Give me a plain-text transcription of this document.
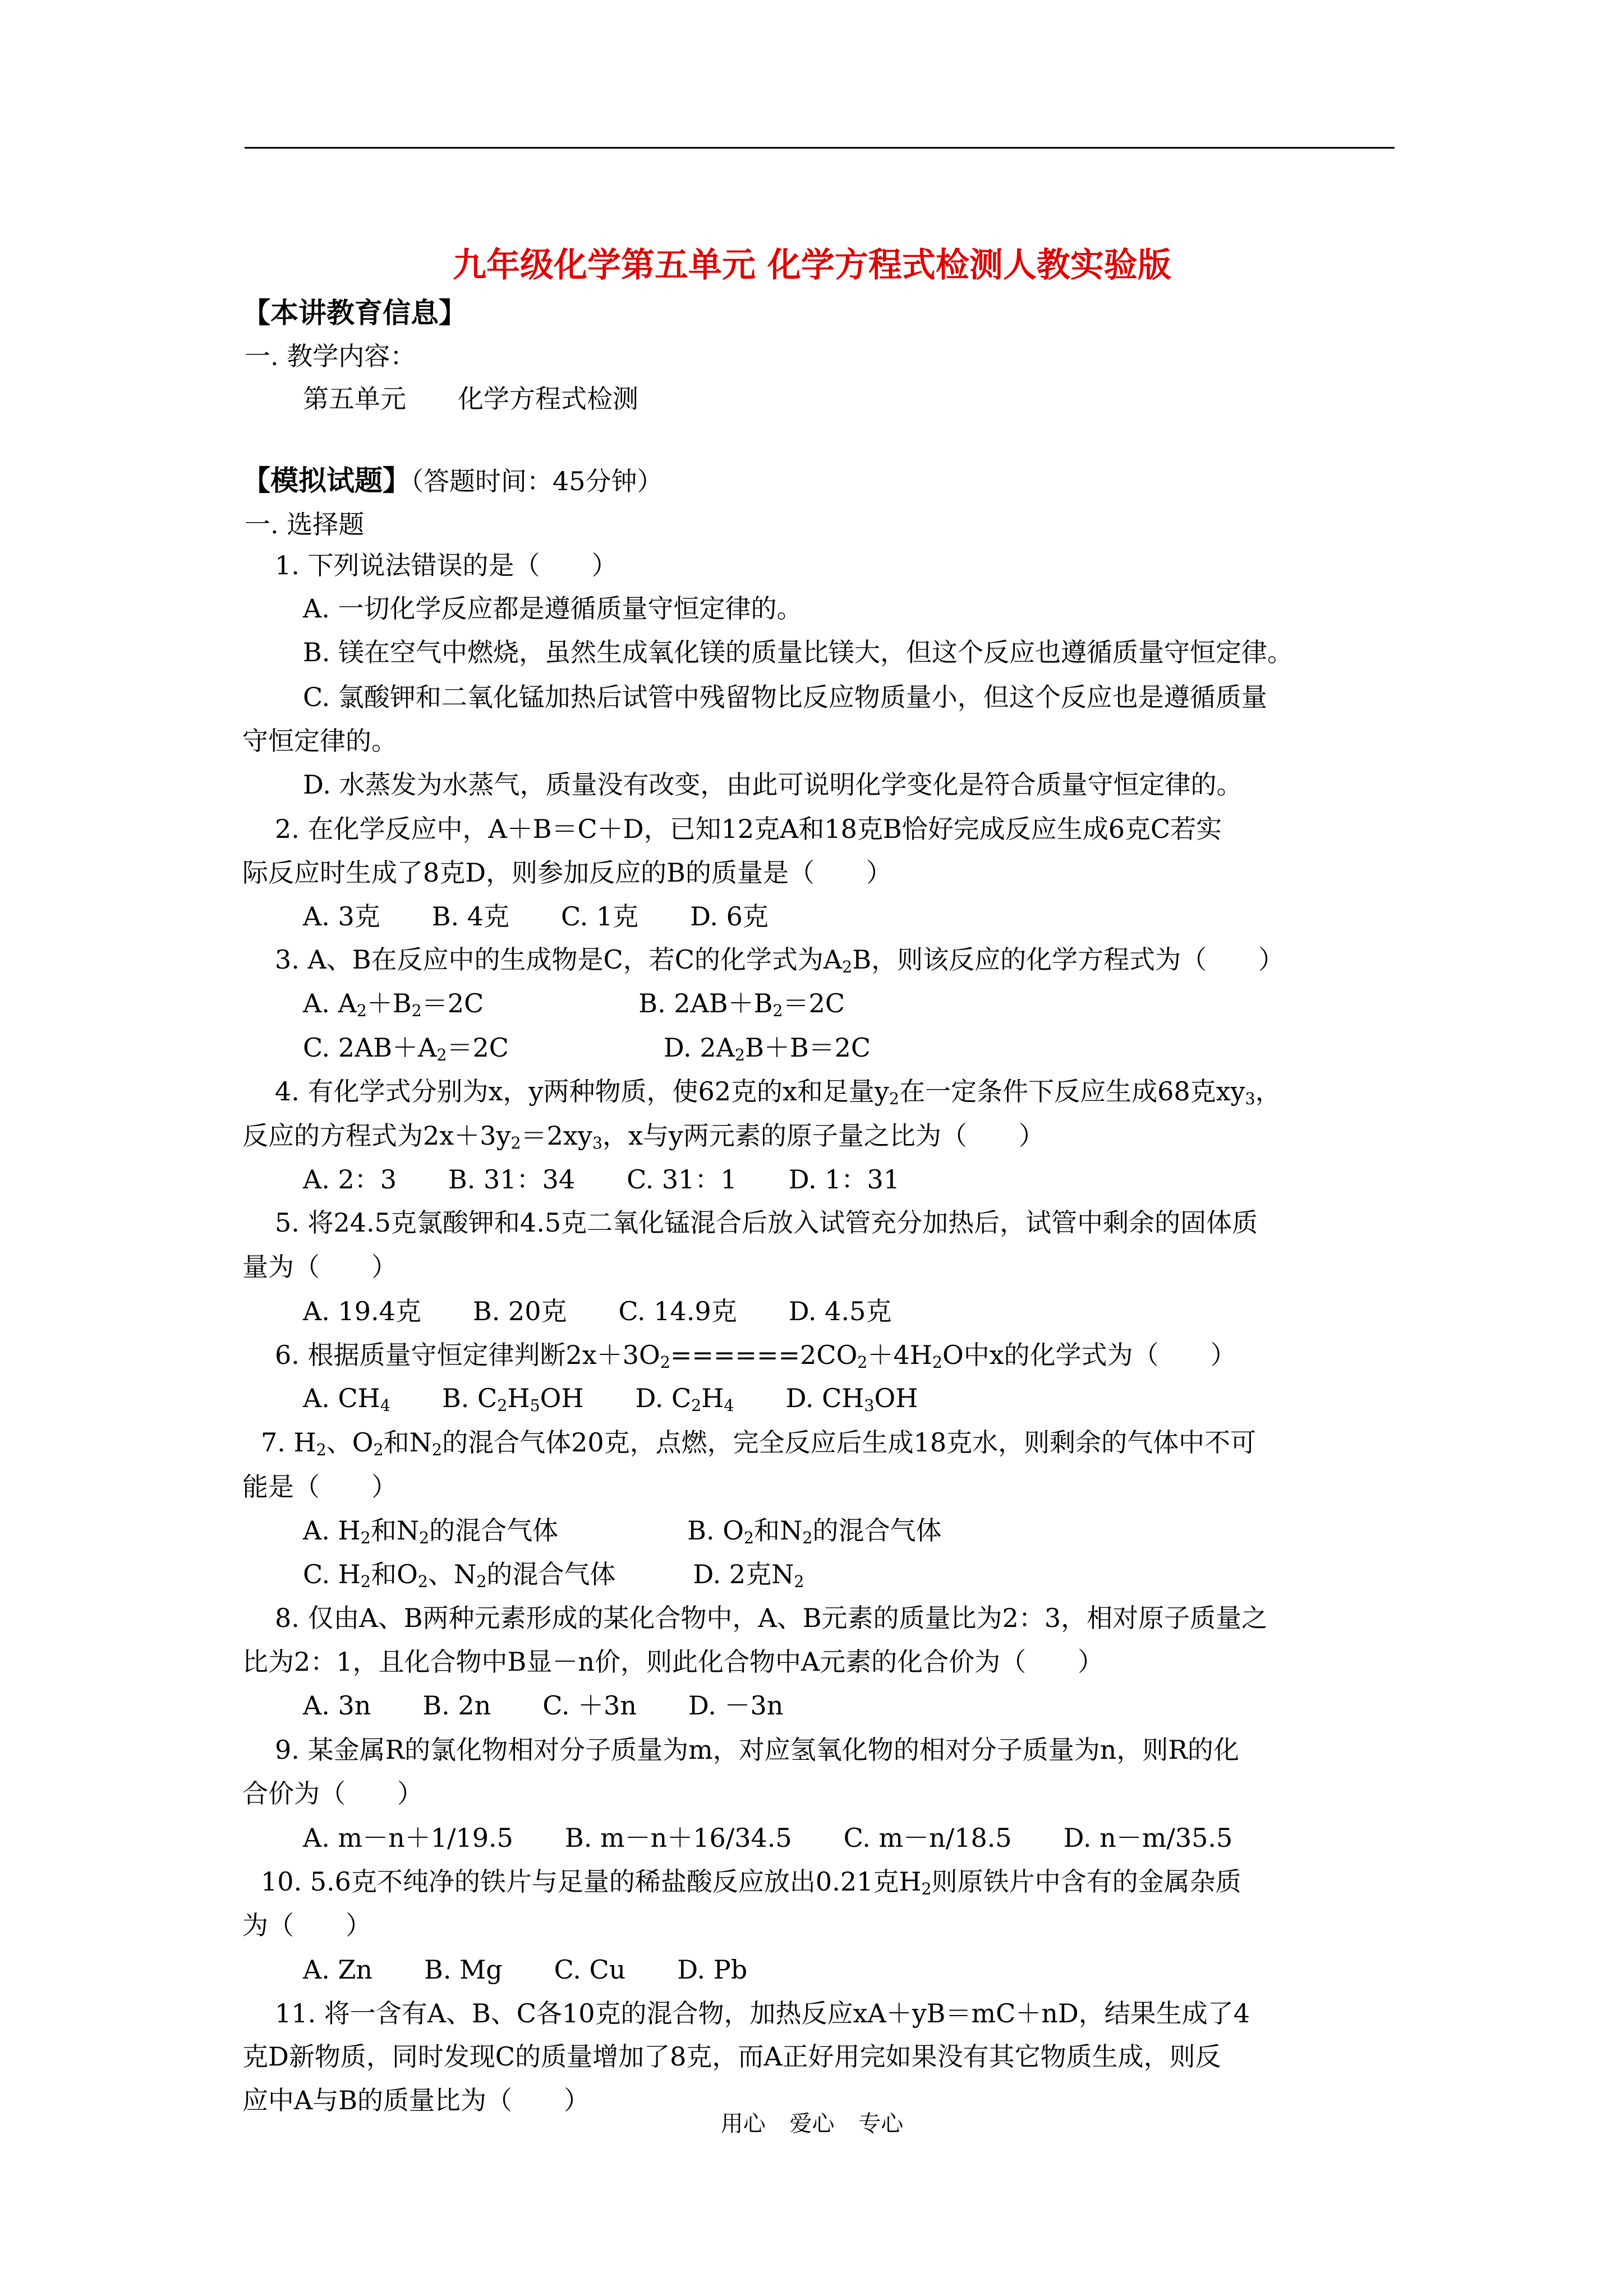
九年级化学第五单元 化学方程式检测人教实验版
【本讲教育信息】
一. 教学内容：
第五单元　　化学方程式检测
【模拟试题】（答题时间：45分钟）
一. 选择题
1. 下列说法错误的是（　　）
A. 一切化学反应都是遵循质量守恒定律的。
B. 镁在空气中燃烧，虽然生成氧化镁的质量比镁大，但这个反应也遵循质量守恒定律。
C. 氯酸钾和二氧化锰加热后试管中残留物比反应物质量小，但这个反应也是遵循质量
守恒定律的。
D. 水蒸发为水蒸气，质量没有改变，由此可说明化学变化是符合质量守恒定律的。
2. 在化学反应中，A＋B＝C＋D，已知12克A和18克B恰好完成反应生成6克C若实
际反应时生成了8克D，则参加反应的B的质量是（　　）
A. 3克　　B. 4克　　C. 1克　　D. 6克
3. A、B在反应中的生成物是C，若C的化学式为$A_2B$，则该反应的化学方程式为（　　）
A. $A_2+B_2=2C$　　　　　　B. $2AB+B_2=2C$
C. $2AB+A_2=2C$　　　　　　D. $2A_2B+B=2C$
4. 有化学式分别为x，y两种物质，使62克的x和足量$y_2$在一定条件下反应生成68克$xy_3$，
反应的方程式为$2x+3y_2=2xy_3$，x与y两元素的原子量之比为（　　）
A. 2：3　　B. 31：34　　C. 31：1　　D. 1：31
5. 将24.5克氯酸钾和4.5克二氧化锰混合后放入试管充分加热后，试管中剩余的固体质
量为（　　）
A. 19.4克　　B. 20克　　C. 14.9克　　D. 4.5克
6. 根据质量守恒定律判断$2x+3O_2======2CO_2+4H_2O$中x的化学式为（　　）
A. $CH_4$　　B. $C_2H_5OH$　　D. $C_2H_4$　　D. $CH_3OH$
7. $H_2$、$O_2$和$N_2$的混合气体20克，点燃，完全反应后生成18克水，则剩余的气体中不可
能是（　　）
A. $H_2$和$N_2$的混合气体　　　　　B. $O_2$和$N_2$的混合气体
C. $H_2$和$O_2$、$N_2$的混合气体　　　D. 2克$N_2$
8. 仅由A、B两种元素形成的某化合物中，A、B元素的质量比为2：3，相对原子质量之
比为2：1，且化合物中B显－n价，则此化合物中A元素的化合价为（　　）
A. 3n　　B. 2n　　C. ＋3n　　D. －3n
9. 某金属R的氯化物相对分子质量为m，对应氢氧化物的相对分子质量为n，则R的化
合价为（　　）
A. m－n＋1/19.5　　B. m－n＋16/34.5　　C. m－n/18.5　　D. n－m/35.5
10. 5.6克不纯净的铁片与足量的稀盐酸反应放出0.21克$H_2$则原铁片中含有的金属杂质
为（　　）
A. Zn　　B. Mg　　C. Cu　　D. Pb
11. 将一含有A、B、C各10克的混合物，加热反应xA＋yB＝mC＋nD，结果生成了4
克D新物质，同时发现C的质量增加了8克，而A正好用完如果没有其它物质生成，则反
应中A与B的质量比为（　　）
用心 爱心 专心
